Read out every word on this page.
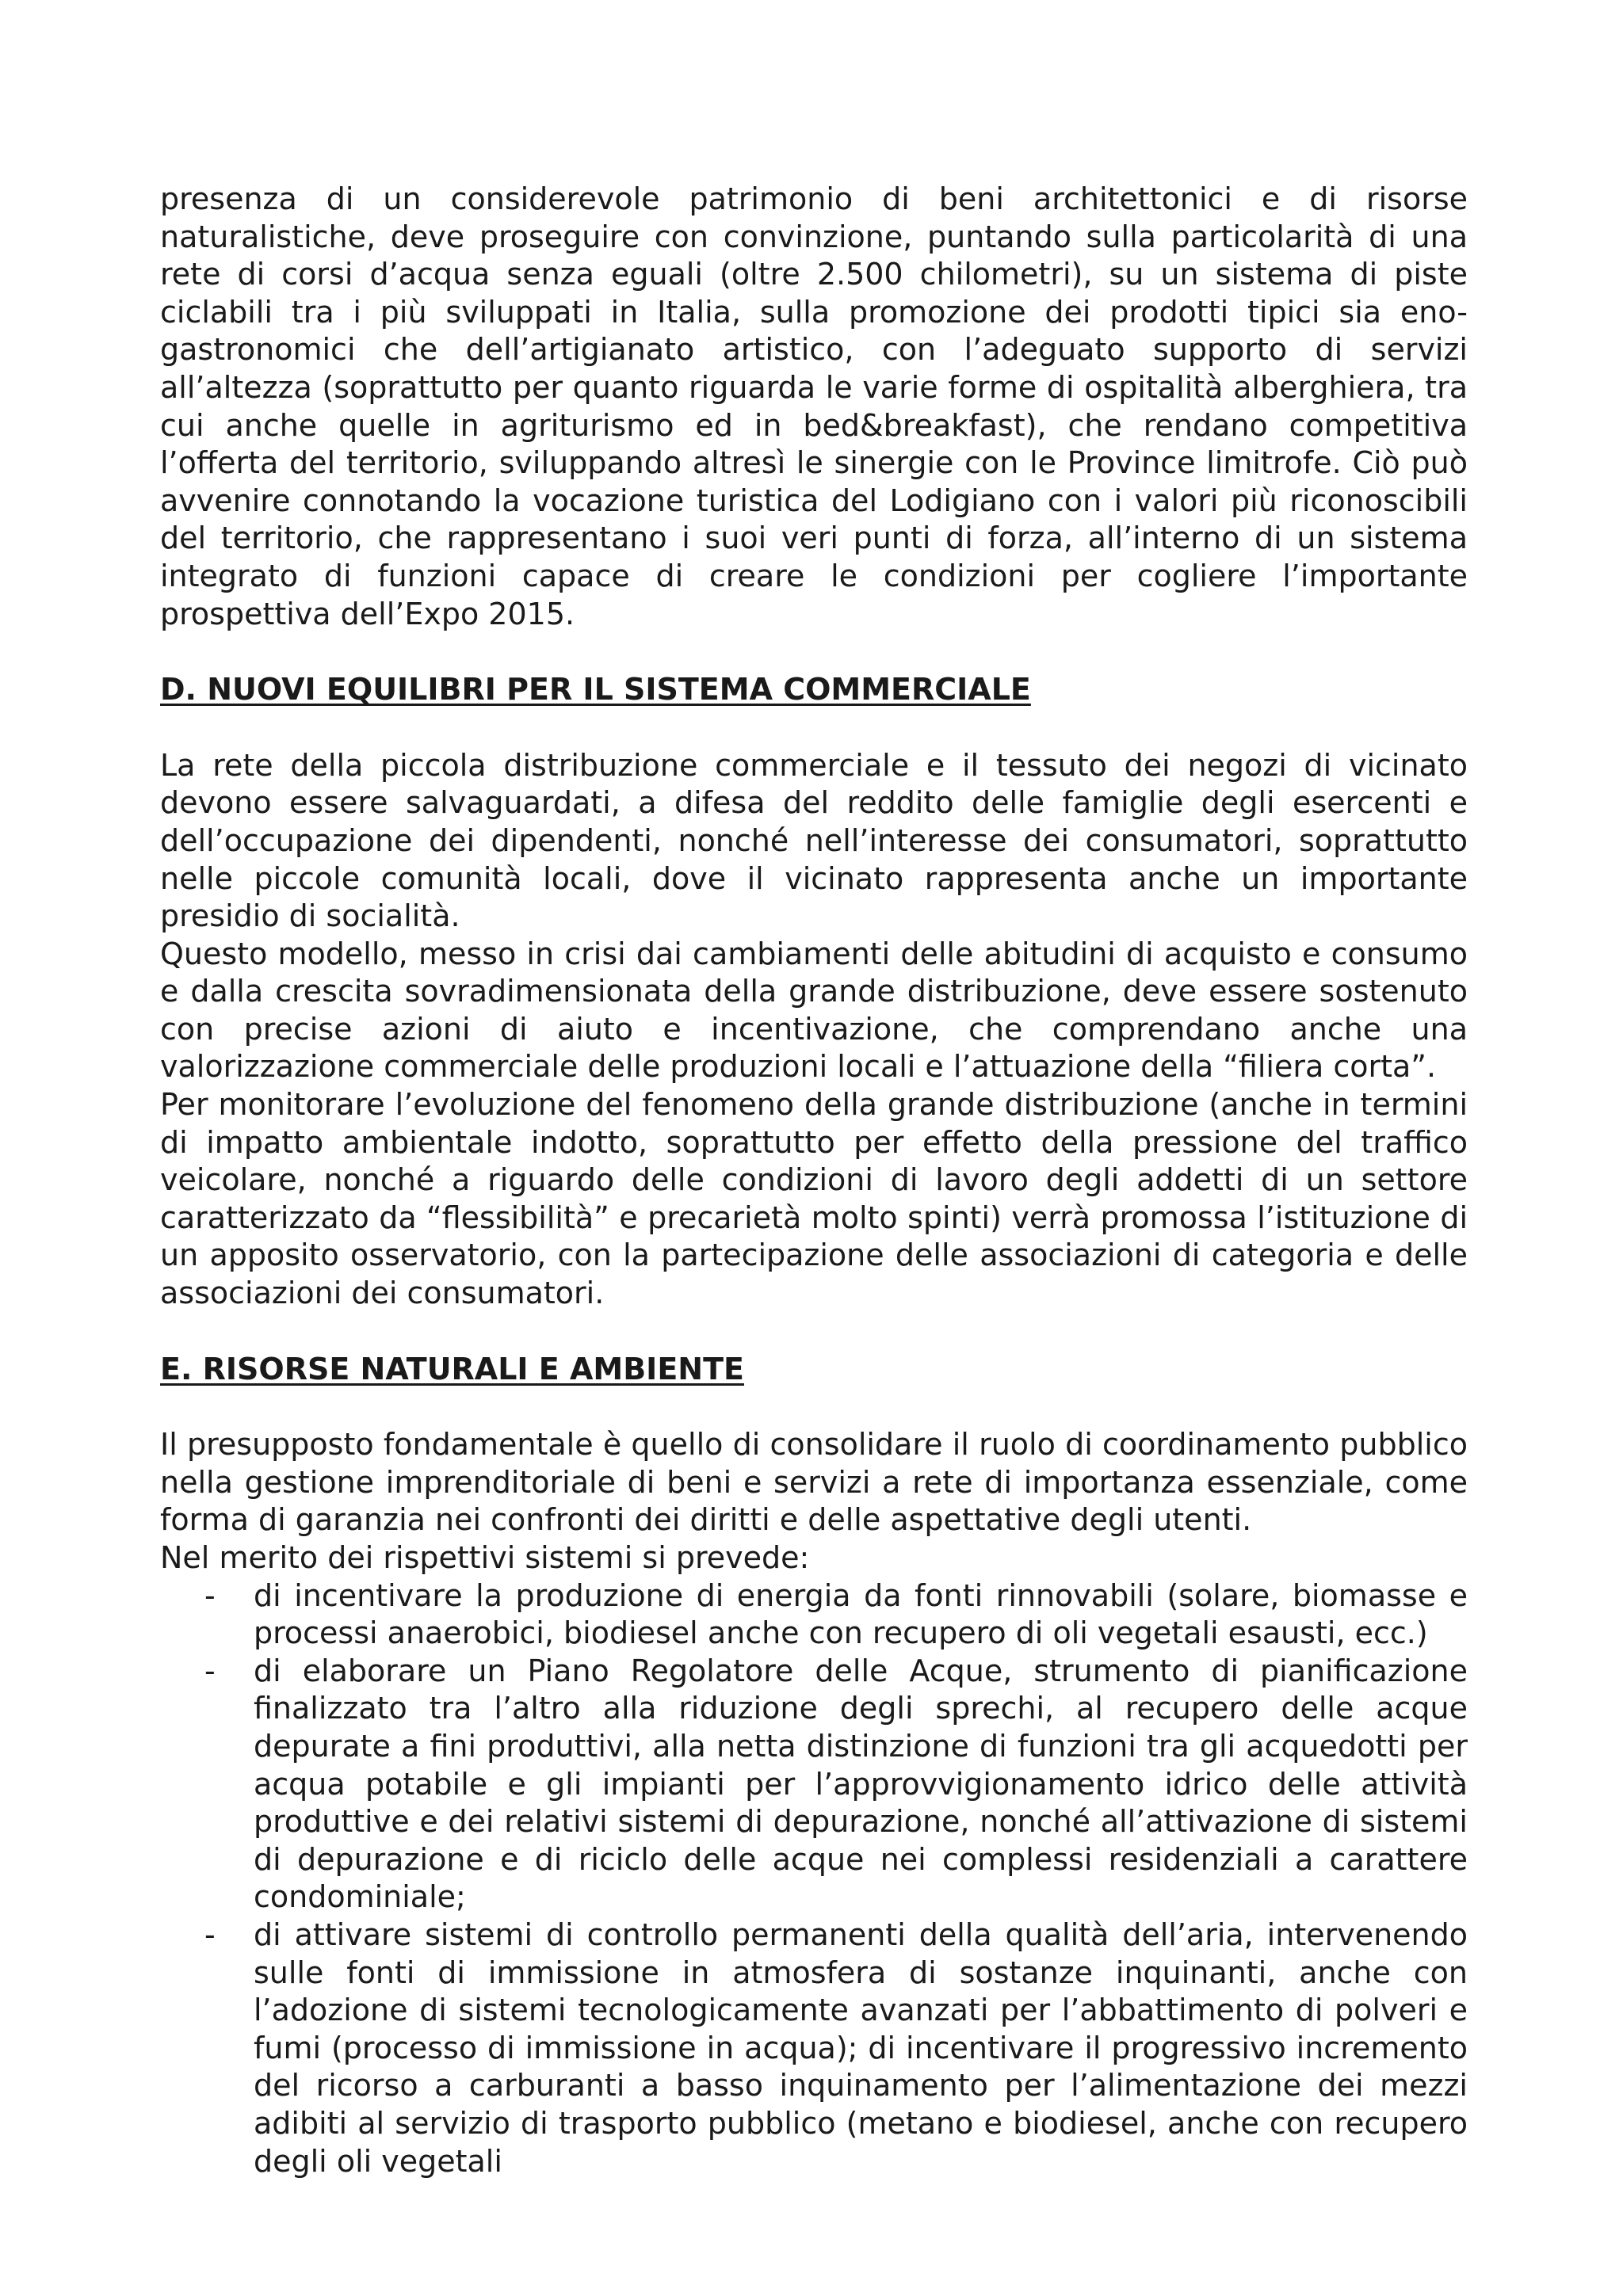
presenza di un considerevole patrimonio di beni architettonici e di risorse naturalistiche, deve proseguire con convinzione, puntando sulla particolarità di una rete di corsi d’acqua senza eguali (oltre 2.500 chilometri), su un sistema di piste ciclabili tra i più sviluppati in Italia, sulla promozione dei prodotti tipici sia eno-gastronomici che dell’artigianato artistico, con l’adeguato supporto di servizi all’altezza (soprattutto per quanto riguarda le varie forme di ospitalità alberghiera, tra cui anche quelle in agriturismo ed in bed&breakfast), che rendano competitiva l’offerta del territorio, sviluppando altresì le sinergie con le Province limitrofe. Ciò può avvenire connotando la vocazione turistica del Lodigiano con i valori più riconoscibili del territorio, che rappresentano i suoi veri punti di forza, all’interno di un sistema integrato di funzioni capace di creare le condizioni per cogliere l’importante prospettiva dell’Expo 2015.

D. NUOVI EQUILIBRI PER IL SISTEMA COMMERCIALE

La rete della piccola distribuzione commerciale e il tessuto dei negozi di vicinato devono essere salvaguardati, a difesa del reddito delle famiglie degli esercenti e dell’occupazione dei dipendenti, nonché nell’interesse dei consumatori, soprattutto nelle piccole comunità locali, dove il vicinato rappresenta anche un importante presidio di socialità.

Questo modello, messo in crisi dai cambiamenti delle abitudini di acquisto e consumo e dalla crescita sovradimensionata della grande distribuzione, deve essere sostenuto con precise azioni di aiuto e incentivazione, che comprendano anche una valorizzazione commerciale delle produzioni locali e l’attuazione della “filiera corta”.

Per monitorare l’evoluzione del fenomeno della grande distribuzione (anche in termini di impatto ambientale indotto, soprattutto per effetto della pressione del traffico veicolare, nonché a riguardo delle condizioni di lavoro degli addetti di un settore caratterizzato da “flessibilità” e precarietà molto spinti) verrà promossa l’istituzione di un apposito osservatorio, con la partecipazione delle associazioni di categoria e delle associazioni dei consumatori.

E. RISORSE NATURALI E AMBIENTE

Il presupposto fondamentale è quello di consolidare il ruolo di coordinamento pubblico nella gestione imprenditoriale di beni e servizi a rete di importanza essenziale, come forma di garanzia nei confronti dei diritti e delle aspettative degli utenti.

Nel merito dei rispettivi sistemi si prevede:

- di incentivare la produzione di energia da fonti rinnovabili (solare, biomasse e processi anaerobici, biodiesel anche con recupero di oli vegetali esausti, ecc.)
- di elaborare un Piano Regolatore delle Acque, strumento di pianificazione finalizzato tra l’altro alla riduzione degli sprechi, al recupero delle acque depurate a fini produttivi, alla netta distinzione di funzioni tra gli acquedotti per acqua potabile e gli impianti per l’approvvigionamento idrico delle attività produttive e dei relativi sistemi di depurazione, nonché all’attivazione di sistemi di depurazione e di riciclo delle acque nei complessi residenziali a carattere condominiale;
- di attivare sistemi di controllo permanenti della qualità dell’aria, intervenendo sulle fonti di immissione in atmosfera di sostanze inquinanti, anche con l’adozione di sistemi tecnologicamente avanzati per l’abbattimento di polveri e fumi (processo di immissione in acqua); di incentivare il progressivo incremento del ricorso a carburanti a basso inquinamento per l’alimentazione dei mezzi adibiti al servizio di trasporto pubblico (metano e biodiesel, anche con recupero degli oli vegetali
